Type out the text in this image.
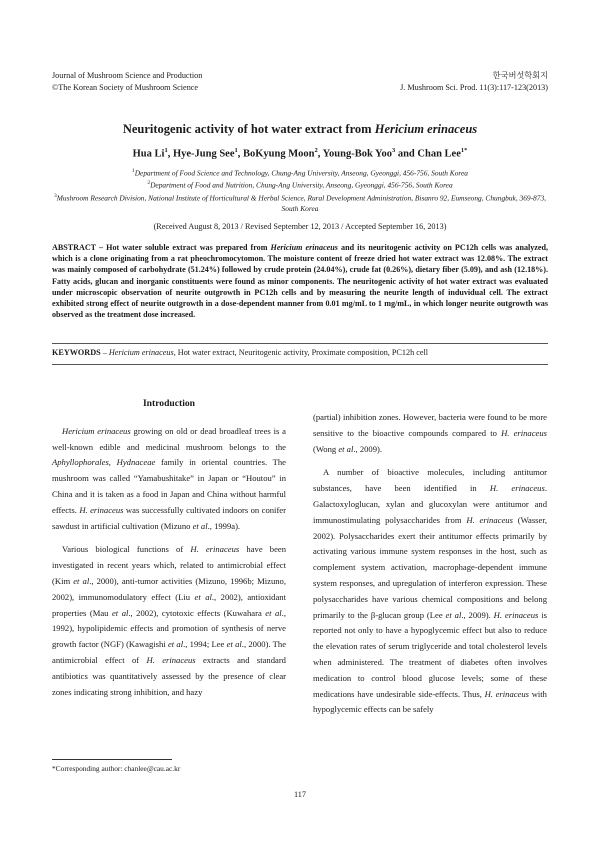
Journal of Mushroom Science and Production
©The Korean Society of Mushroom Science
한국버섯학회지
J. Mushroom Sci. Prod. 11(3):117-123(2013)
Neuritogenic activity of hot water extract from Hericium erinaceus
Hua Li$^1$, Hye-Jung See$^1$, BoKyung Moon$^2$, Young-Bok Yoo$^3$ and Chan Lee$^{1*}$
$^1$Department of Food Science and Technology, Chung-Ang University, Anseong, Gyeonggi, 456-756, South Korea
$^2$Department of Food and Nutrition, Chung-Ang University, Anseong, Gyeonggi, 456-756, South Korea
$^3$Mushroom Research Division, National Institute of Horticultural & Herbal Science, Rural Development Administration, Bisanro 92, Eumseong, Chungbuk, 369-873, South Korea
(Received August 8, 2013 / Revised September 12, 2013 / Accepted September 16, 2013)
ABSTRACT – Hot water soluble extract was prepared from Hericium erinaceus and its neuritogenic activity on PC12h cells was analyzed, which is a clone originating from a rat pheochromocytomon. The moisture content of freeze dried hot water extract was 12.08%. The extract was mainly composed of carbohydrate (51.24%) followed by crude protein (24.04%), crude fat (0.26%), dietary fiber (5.09), and ash (12.18%). Fatty acids, glucan and inorganic constituents were found as minor components. The neuritogenic activity of hot water extract was evaluated under microscopic observation of neurite outgrowth in PC12h cells and by measuring the neurite length of induvidual cell. The extract exhibited strong effect of neurite outgrowth in a dose-dependent manner from 0.01 mg/mL to 1 mg/mL, in which longer neurite outgrowth was observed as the treatment dose increased.
KEYWORDS – Hericium erinaceus, Hot water extract, Neuritogenic activity, Proximate composition, PC12h cell
Introduction

Hericium erinaceus growing on old or dead broadleaf trees is a well-known edible and medicinal mushroom belongs to the Aphyllophorales, Hydnaceae family in oriental countries. The mushroom was called “Yamabushitake” in Japan or “Houtou” in China and it is taken as a food in Japan and China without harmful effects. H. erinaceus was successfully cultivated indoors on conifer sawdust in artificial cultivation (Mizuno et al., 1999a).

Various biological functions of H. erinaceus have been investigated in recent years which, related to antimicrobial effect (Kim et al., 2000), anti-tumor activities (Mizuno, 1996b; Mizuno, 2002), immunomodulatory effect (Liu et al., 2002), antioxidant properties (Mau et al., 2002), cytotoxic effects (Kuwahara et al., 1992), hypolipidemic effects and promotion of synthesis of nerve growth factor (NGF) (Kawagishi et al., 1994; Lee et al., 2000). The antimicrobial effect of H. erinaceus extracts and standard antibiotics was quantitatively assessed by the presence of clear zones indicating strong inhibition, and hazy

(partial) inhibition zones. However, bacteria were found to be more sensitive to the bioactive compounds compared to H. erinaceus (Wong et al., 2009).

A number of bioactive molecules, including antitumor substances, have been identified in H. erinaceus. Galactoxyloglucan, xylan and glucoxylan were antitumor and immunostimulating polysaccharides from H. erinaceus (Wasser, 2002). Polysaccharides exert their antitumor effects primarily by activating various immune system responses in the host, such as complement system activation, macrophage-dependent immune system responses, and upregulation of interferon expression. These polysaccharides have various chemical compositions and belong primarily to the β-glucan group (Lee et al., 2009). H. erinaceus is reported not only to have a hypoglycemic effect but also to reduce the elevation rates of serum triglyceride and total cholesterol levels when administered. The treatment of diabetes often involves medication to control blood glucose levels; some of these medications have undesirable side-effects. Thus, H. erinaceus with hypoglycemic effects can be safely

*Corresponding author: chanlee@cau.ac.kr
117
